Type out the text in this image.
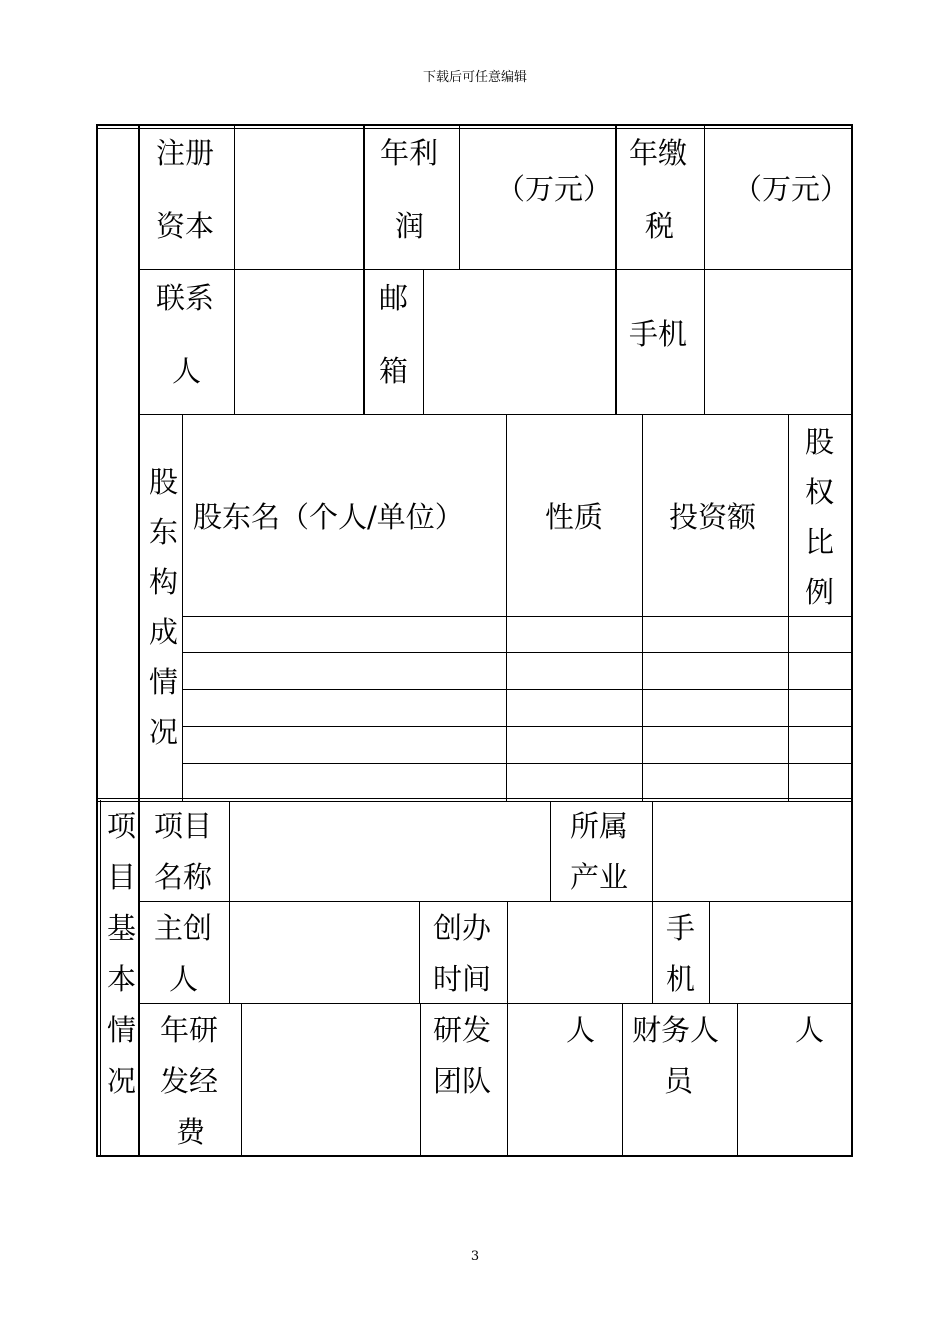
下载后可任意编辑
注册
资本
年利
润
（万元）
年缴
税
（万元）
联系
人
邮
箱
手机
股
东
构
成
情
况
股东名（个人/单位）	性质 投资额
股
权
比
例
项
目
基
本
情
况
项目
名称
所属
产业
主创
人
创办
时间
手
机
年研
发经
费
研发
团队
人 财务人
员
人
3
